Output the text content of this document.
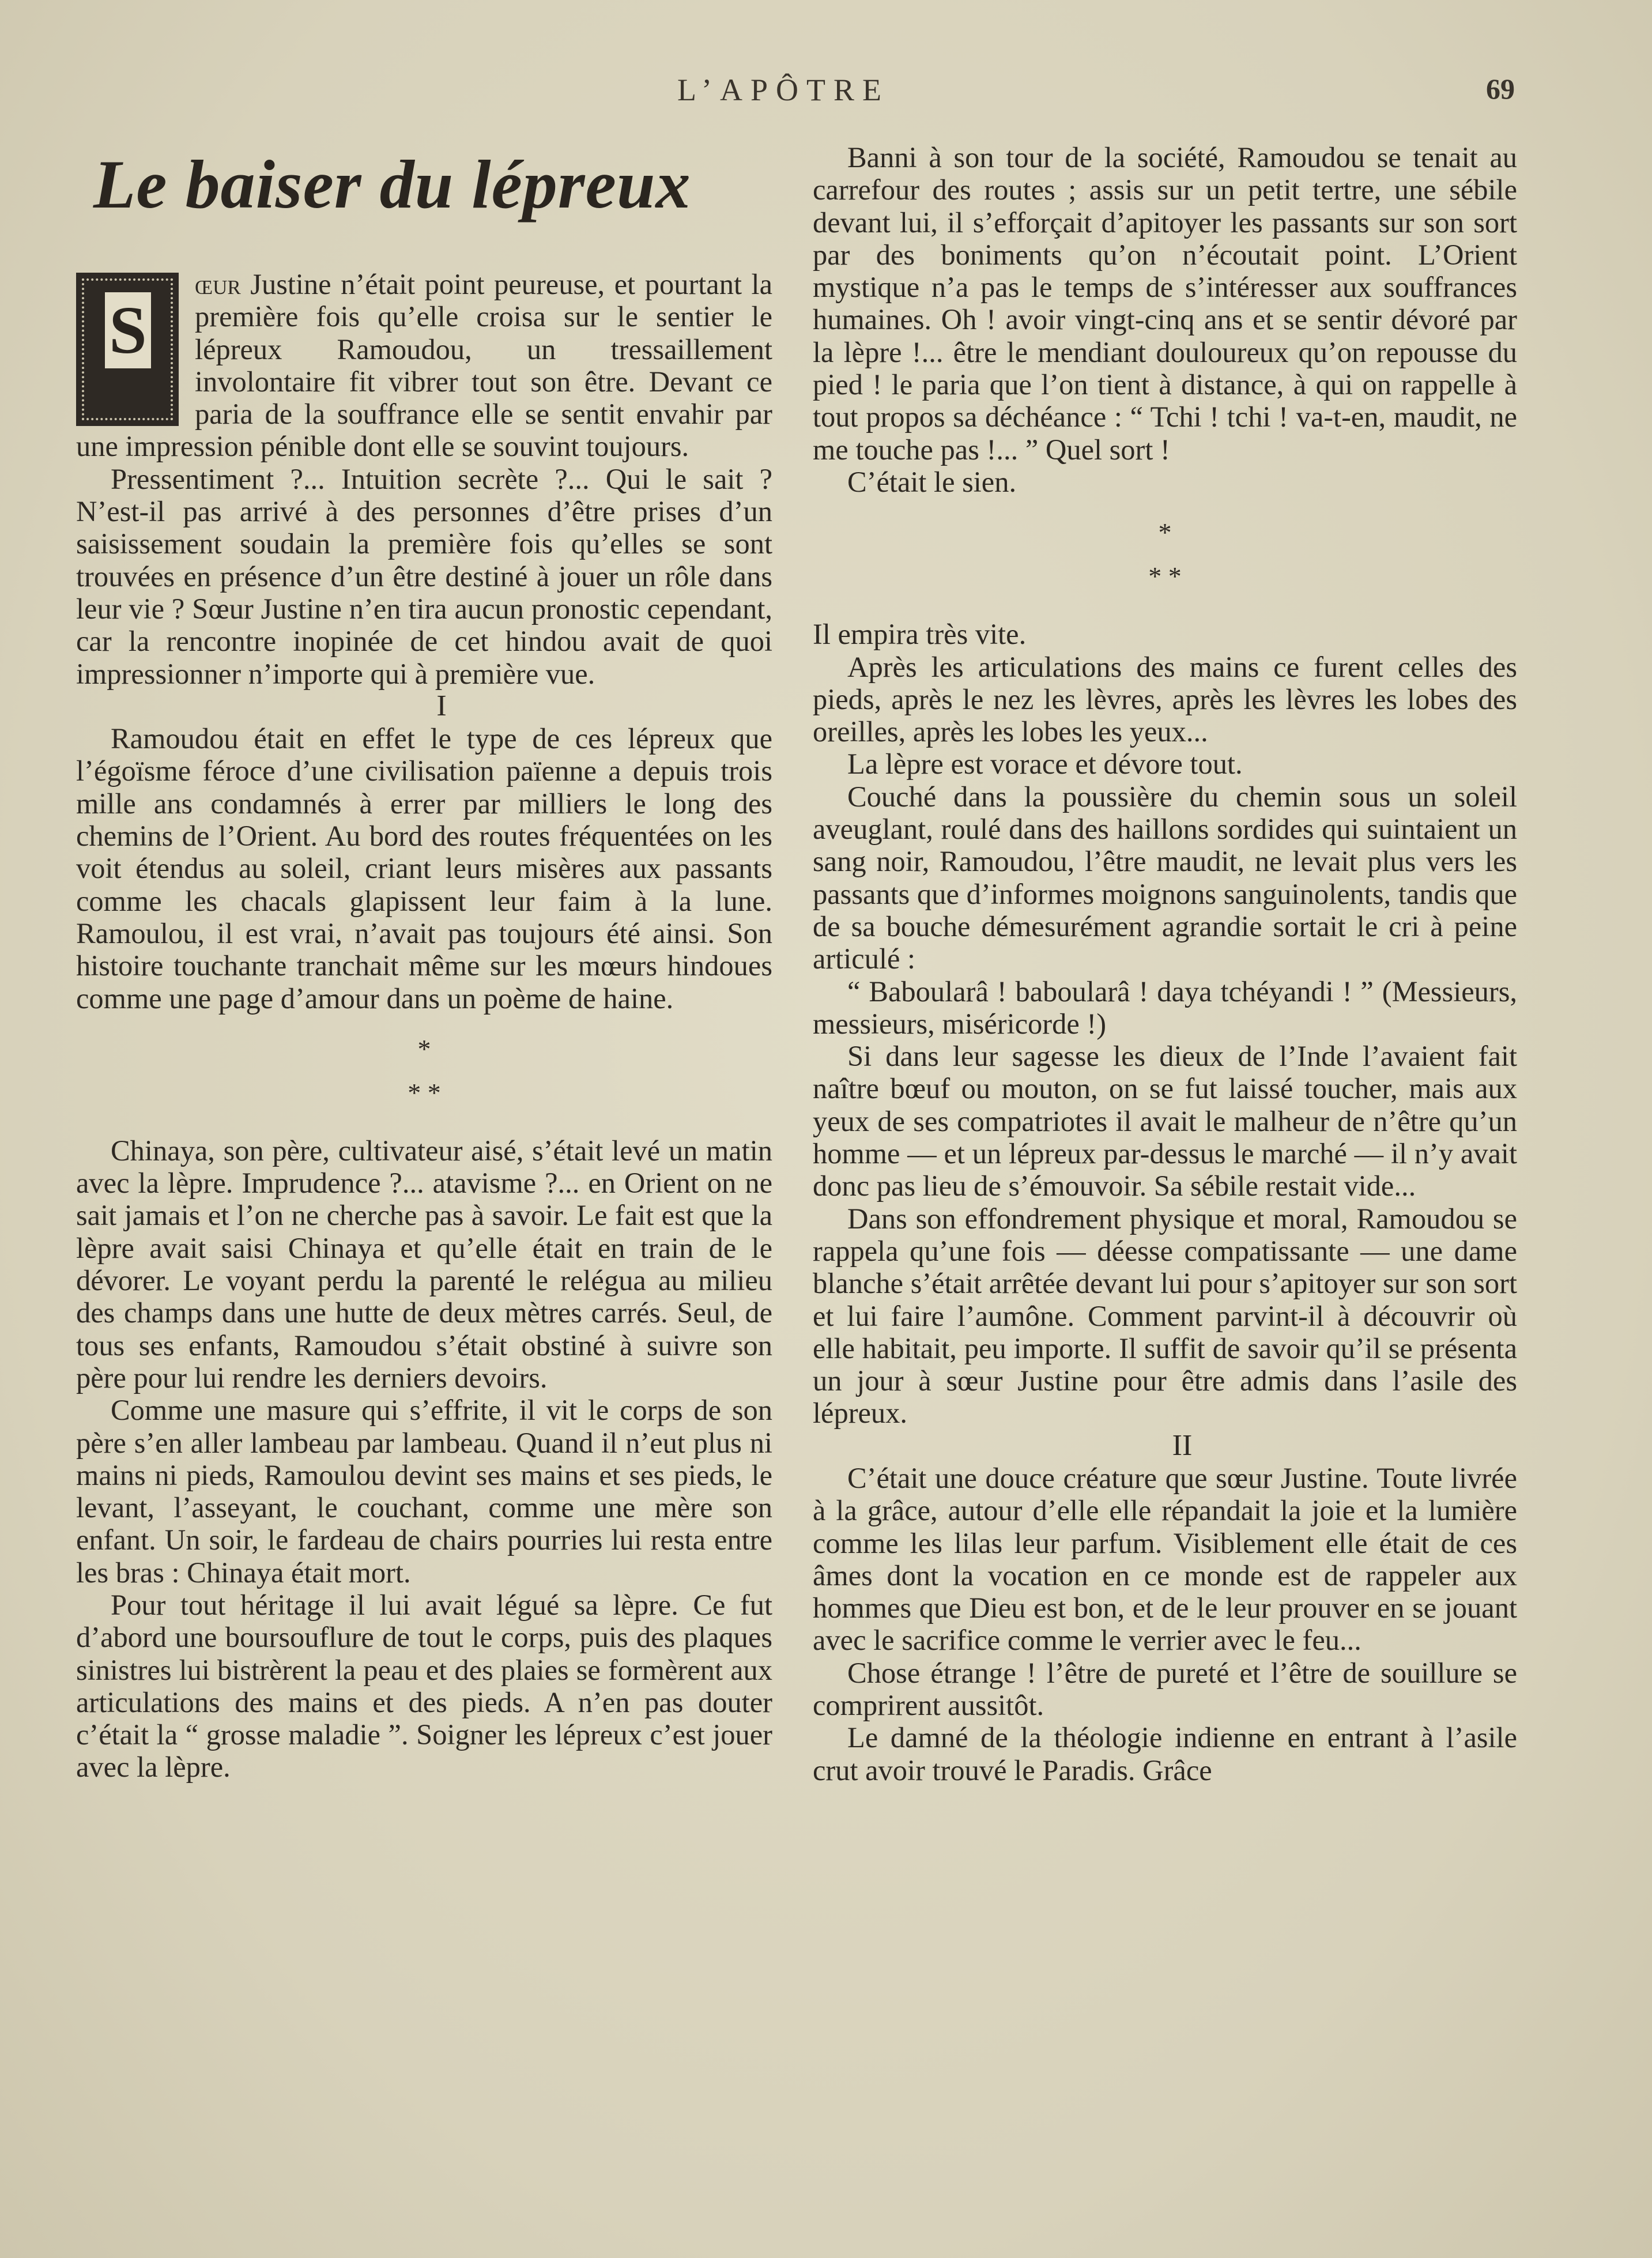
L’APÔTRE	69
Le baiser du lépreux

S
œur Justine n’était point peureuse, et pourtant la première fois qu’elle croisa sur le sentier le lépreux Ramoudou, un tressaillement involontaire fit vibrer tout son être. Devant ce paria de la souffrance elle se sentit envahir par une impression pénible dont elle se souvint toujours.

Pressentiment ?... Intuition secrète ?... Qui le sait ? N’est-il pas arrivé à des personnes d’être prises d’un saisissement soudain la première fois qu’elles se sont trouvées en présence d’un être destiné à jouer un rôle dans leur vie ? Sœur Justine n’en tira aucun pronostic cependant, car la rencontre inopinée de cet hindou avait de quoi impressionner n’importe qui à première vue.

I

Ramoudou était en effet le type de ces lépreux que l’égoïsme féroce d’une civilisation païenne a depuis trois mille ans condamnés à errer par milliers le long des chemins de l’Orient. Au bord des routes fréquentées on les voit étendus au soleil, criant leurs misères aux passants comme les chacals glapissent leur faim à la lune. Ramoulou, il est vrai, n’avait pas toujours été ainsi. Son histoire touchante tranchait même sur les mœurs hindoues comme une page d’amour dans un poème de haine.

*
* *

Chinaya, son père, cultivateur aisé, s’était levé un matin avec la lèpre. Imprudence ?... atavisme ?... en Orient on ne sait jamais et l’on ne cherche pas à savoir. Le fait est que la lèpre avait saisi Chinaya et qu’elle était en train de le dévorer. Le voyant perdu la parenté le relégua au milieu des champs dans une hutte de deux mètres carrés. Seul, de tous ses enfants, Ramoudou s’était obstiné à suivre son père pour lui rendre les derniers devoirs.

Comme une masure qui s’effrite, il vit le corps de son père s’en aller lambeau par lambeau. Quand il n’eut plus ni mains ni pieds, Ramoulou devint ses mains et ses pieds, le levant, l’asseyant, le couchant, comme une mère son enfant. Un soir, le fardeau de chairs pourries lui resta entre les bras : Chinaya était mort.

Pour tout héritage il lui avait légué sa lèpre. Ce fut d’abord une boursouflure de tout le corps, puis des plaques sinistres lui bistrèrent la peau et des plaies se formèrent aux articulations des mains et des pieds. A n’en pas douter c’était la “ grosse maladie ”. Soigner les lépreux c’est jouer avec la lèpre.

Banni à son tour de la société, Ramoudou se tenait au carrefour des routes ; assis sur un petit tertre, une sébile devant lui, il s’efforçait d’apitoyer les passants sur son sort par des boniments qu’on n’écoutait point. L’Orient mystique n’a pas le temps de s’intéresser aux souffrances humaines. Oh ! avoir vingt-cinq ans et se sentir dévoré par la lèpre !... être le mendiant douloureux qu’on repousse du pied ! le paria que l’on tient à distance, à qui on rappelle à tout propos sa déchéance : “ Tchi ! tchi ! va-t-en, maudit, ne me touche pas !... ” Quel sort !

C’était le sien.

*
* *

Il empira très vite.

Après les articulations des mains ce furent celles des pieds, après le nez les lèvres, après les lèvres les lobes des oreilles, après les lobes les yeux...

La lèpre est vorace et dévore tout.

Couché dans la poussière du chemin sous un soleil aveuglant, roulé dans des haillons sordides qui suintaient un sang noir, Ramoudou, l’être maudit, ne levait plus vers les passants que d’informes moignons sanguinolents, tandis que de sa bouche démesurément agrandie sortait le cri à peine articulé :

“ Baboularâ ! baboularâ ! daya tchéyandi ! ” (Messieurs, messieurs, miséricorde !)

Si dans leur sagesse les dieux de l’Inde l’avaient fait naître bœuf ou mouton, on se fut laissé toucher, mais aux yeux de ses compatriotes il avait le malheur de n’être qu’un homme — et un lépreux par-dessus le marché — il n’y avait donc pas lieu de s’émouvoir. Sa sébile restait vide...

Dans son effondrement physique et moral, Ramoudou se rappela qu’une fois — déesse compatissante — une dame blanche s’était arrêtée devant lui pour s’apitoyer sur son sort et lui faire l’aumône. Comment parvint-il à découvrir où elle habitait, peu importe. Il suffit de savoir qu’il se présenta un jour à sœur Justine pour être admis dans l’asile des lépreux.

II

C’était une douce créature que sœur Justine. Toute livrée à la grâce, autour d’elle elle répandait la joie et la lumière comme les lilas leur parfum. Visiblement elle était de ces âmes dont la vocation en ce monde est de rappeler aux hommes que Dieu est bon, et de le leur prouver en se jouant avec le sacrifice comme le verrier avec le feu...

Chose étrange ! l’être de pureté et l’être de souillure se comprirent aussitôt.

Le damné de la théologie indienne en entrant à l’asile crut avoir trouvé le Paradis. Grâce
